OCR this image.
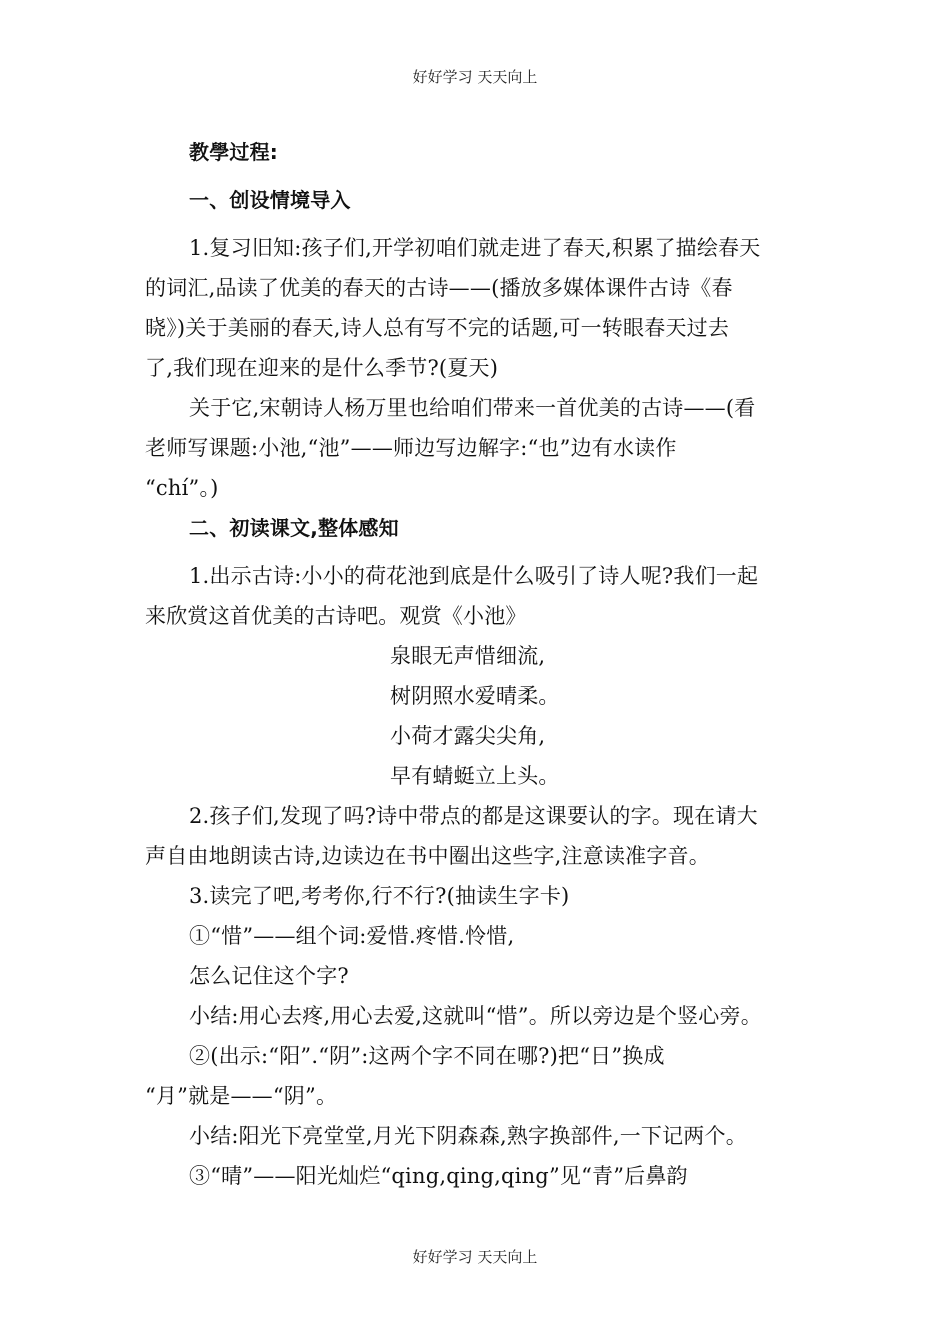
好好学习 天天向上
教學过程:
一、创设情境导入
1.复习旧知:孩子们,开学初咱们就走进了春天,积累了描绘春天
的词汇,品读了优美的春天的古诗——(播放多媒体课件古诗《春
晓》)关于美丽的春天,诗人总有写不完的话题,可一转眼春天过去
了,我们现在迎来的是什么季节?(夏天)
关于它,宋朝诗人杨万里也给咱们带来一首优美的古诗——(看
老师写课题:小池,“池”——师边写边解字:“也”边有水读作
“chí”。)
二、初读课文,整体感知
1.出示古诗:小小的荷花池到底是什么吸引了诗人呢?我们一起
来欣赏这首优美的古诗吧。观赏《小池》
泉眼无声惜细流,
树阴照水爱晴柔。
小荷才露尖尖角,
早有蜻蜓立上头。
2.孩子们,发现了吗?诗中带点的都是这课要认的字。现在请大
声自由地朗读古诗,边读边在书中圈出这些字,注意读准字音。
3.读完了吧,考考你,行不行?(抽读生字卡)
①“惜”——组个词:爱惜.疼惜.怜惜,
怎么记住这个字?
小结:用心去疼,用心去爱,这就叫“惜”。所以旁边是个竖心旁。
②(出示:“阳”.“阴”:这两个字不同在哪?)把“日”换成
“月”就是——“阴”。
小结:阳光下亮堂堂,月光下阴森森,熟字换部件,一下记两个。
③“晴”——阳光灿烂“qing,qing,qing”见“青”后鼻韵
好好学习 天天向上
